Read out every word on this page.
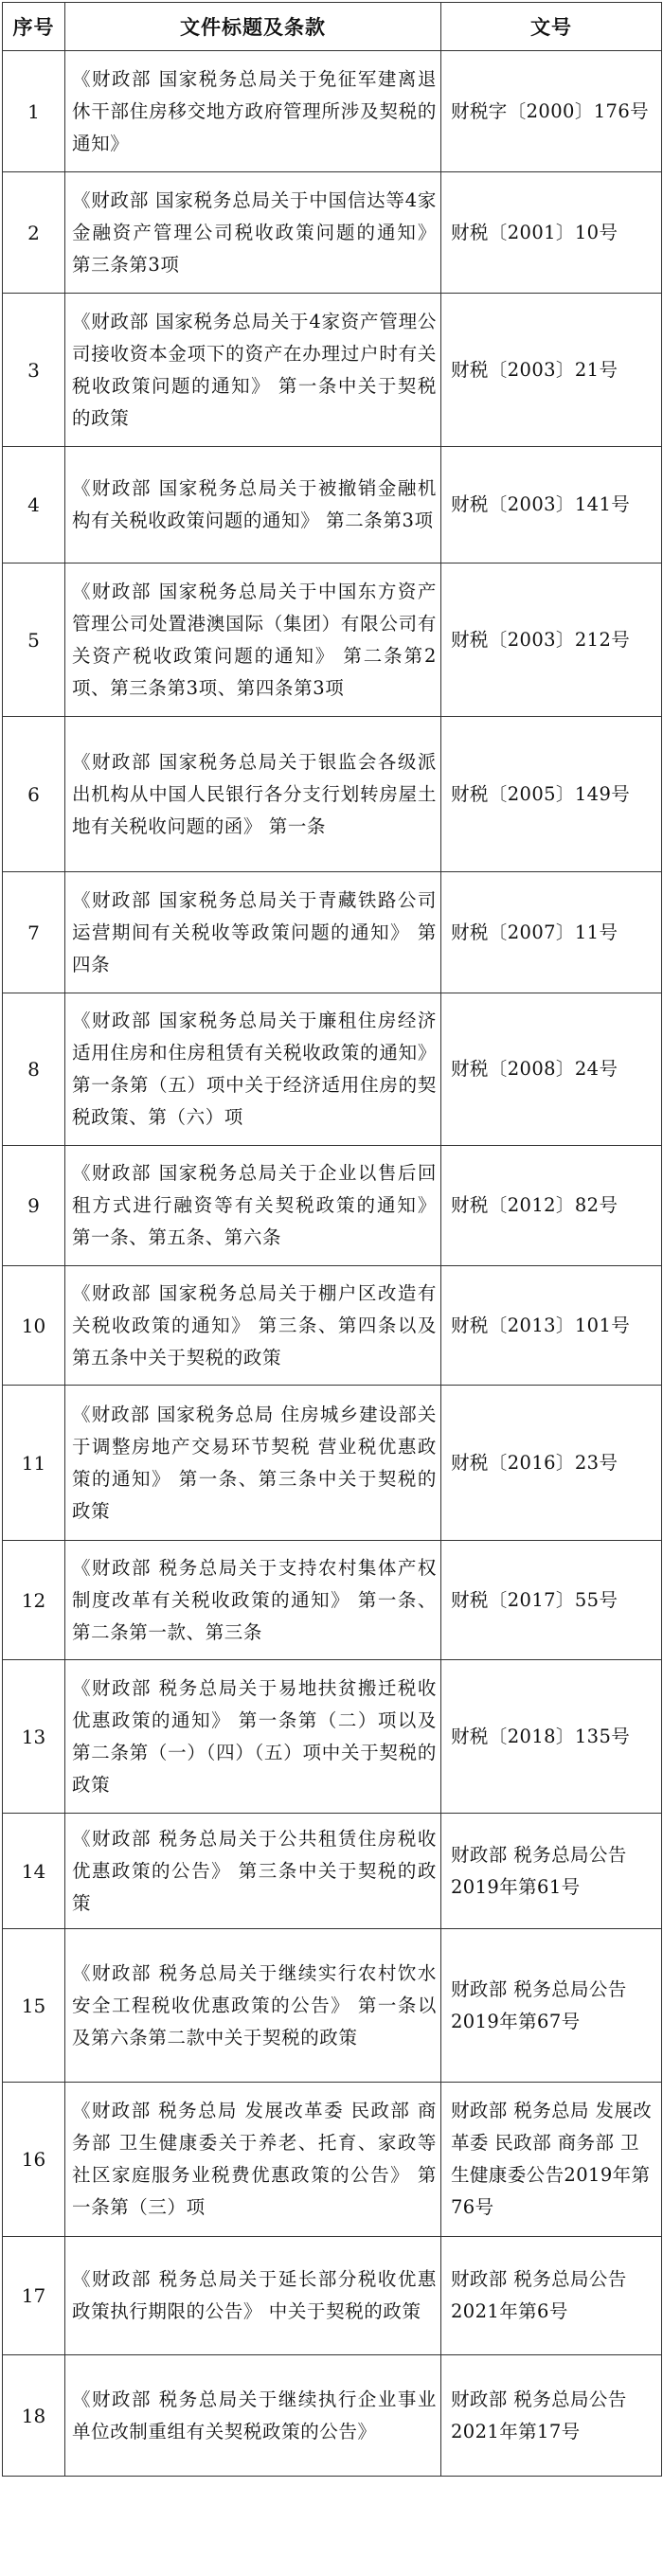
序号	文件标题及条款	文号
1	《财政部 国家税务总局关于免征军建离退休干部住房移交地方政府管理所涉及契税的通知》	财税字〔2000〕176号
2	《财政部 国家税务总局关于中国信达等4家金融资产管理公司税收政策问题的通知》 第三条第3项	财税〔2001〕10号
3	《财政部 国家税务总局关于4家资产管理公司接收资本金项下的资产在办理过户时有关税收政策问题的通知》 第一条中关于契税的政策	财税〔2003〕21号
4	《财政部 国家税务总局关于被撤销金融机构有关税收政策问题的通知》 第二条第3项	财税〔2003〕141号
5	《财政部 国家税务总局关于中国东方资产管理公司处置港澳国际（集团）有限公司有关资产税收政策问题的通知》 第二条第2项、第三条第3项、第四条第3项	财税〔2003〕212号
6	《财政部 国家税务总局关于银监会各级派出机构从中国人民银行各分支行划转房屋土地有关税收问题的函》 第一条	财税〔2005〕149号
7	《财政部 国家税务总局关于青藏铁路公司运营期间有关税收等政策问题的通知》 第四条	财税〔2007〕11号
8	《财政部 国家税务总局关于廉租住房经济适用住房和住房租赁有关税收政策的通知》 第一条第（五）项中关于经济适用住房的契税政策、第（六）项	财税〔2008〕24号
9	《财政部 国家税务总局关于企业以售后回租方式进行融资等有关契税政策的通知》 第一条、第五条、第六条	财税〔2012〕82号
10	《财政部 国家税务总局关于棚户区改造有关税收政策的通知》 第三条、第四条以及第五条中关于契税的政策	财税〔2013〕101号
11	《财政部 国家税务总局 住房城乡建设部关于调整房地产交易环节契税 营业税优惠政策的通知》 第一条、第三条中关于契税的政策	财税〔2016〕23号
12	《财政部 税务总局关于支持农村集体产权制度改革有关税收政策的通知》 第一条、第二条第一款、第三条	财税〔2017〕55号
13	《财政部 税务总局关于易地扶贫搬迁税收优惠政策的通知》 第一条第（二）项以及第二条第（一）（四）（五）项中关于契税的政策	财税〔2018〕135号
14	《财政部 税务总局关于公共租赁住房税收优惠政策的公告》 第三条中关于契税的政策	财政部 税务总局公告2019年第61号
15	《财政部 税务总局关于继续实行农村饮水安全工程税收优惠政策的公告》 第一条以及第六条第二款中关于契税的政策	财政部 税务总局公告2019年第67号
16	《财政部 税务总局 发展改革委 民政部 商务部 卫生健康委关于养老、托育、家政等社区家庭服务业税费优惠政策的公告》 第一条第（三）项	财政部 税务总局 发展改革委 民政部 商务部 卫生健康委公告2019年第76号
17	《财政部 税务总局关于延长部分税收优惠政策执行期限的公告》 中关于契税的政策	财政部 税务总局公告2021年第6号
18	《财政部 税务总局关于继续执行企业事业单位改制重组有关契税政策的公告》	财政部 税务总局公告2021年第17号
